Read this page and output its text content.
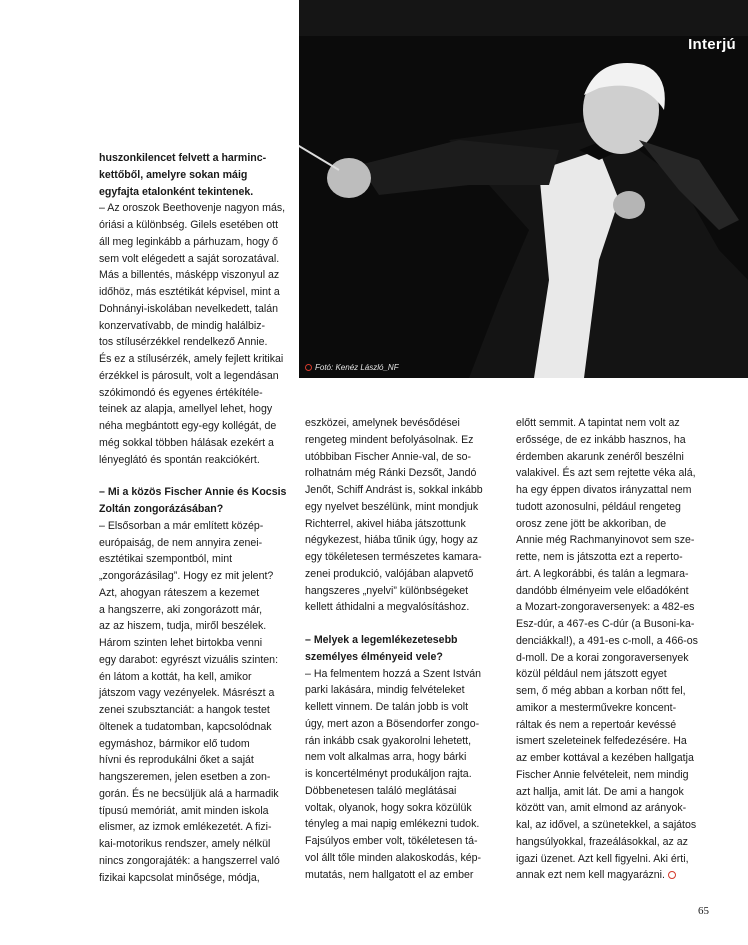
Interjú
Fotó: Kenéz László_NF

huszonkilencet felvett a harminc-
kettőből, amelyre sokan máig
egyfajta etalonként tekintenek.

– Az oroszok Beethovenje nagyon más,
óriási a különbség. Gilels esetében ott
áll meg leginkább a párhuzam, hogy ő
sem volt elégedett a saját sorozatával.
Más a billentés, másképp viszonyul az
időhöz, más esztétikát képvisel, mint a
Dohnányi-iskolában nevelkedett, talán
konzervatívabb, de mindig halálbiz-
tos stílusérzékkel rendelkező Annie.
És ez a stílusérzék, amely fejlett kritikai
érzékkel is párosult, volt a legendásan
szókimondó és egyenes értékítéle-
teinek az alapja, amellyel lehet, hogy
néha megbántott egy-egy kollégát, de
még sokkal többen hálásak ezekért a
lényeglátó és spontán reakciókért.

– Mi a közös Fischer Annie és Kocsis
Zoltán zongorázásában?

– Elsősorban a már említett közép-
európaiság, de nem annyira zenei-
esztétikai szempontból, mint
„zongorázásilag”. Hogy ez mit jelent?
Azt, ahogyan ráteszem a kezemet
a hangszerre, aki zongorázott már,
az az hiszem, tudja, miről beszélek.
Három szinten lehet birtokba venni
egy darabot: egyrészt vizuális szinten:
én látom a kottát, ha kell, amikor
játszom vagy vezényelek. Másrészt a
zenei szubsztanciát: a hangok testet
öltenek a tudatomban, kapcsolódnak
egymáshoz, bármikor elő tudom
hívni és reprodukálni őket a saját
hangszeremen, jelen esetben a zon-
gorán. És ne becsüljük alá a harmadik
típusú memóriát, amit minden iskola
elismer, az izmok emlékezetét. A fizi-
kai-motorikus rendszer, amely nélkül
nincs zongorajáték: a hangszerrel való
fizikai kapcsolat minősége, módja,

eszközei, amelynek bevésődései
rengeteg mindent befolyásolnak. Ez
utóbbiban Fischer Annie-val, de so-
rolhatnám még Ránki Dezsőt, Jandó
Jenőt, Schiff Andrást is, sokkal inkább
egy nyelvet beszélünk, mint mondjuk
Richterrel, akivel hiába játszottunk
négykezest, hiába tűnik úgy, hogy az
egy tökéletesen természetes kamara-
zenei produkció, valójában alapvető
hangszeres „nyelvi” különbségeket
kellett áthidalni a megvalósításhoz.

– Melyek a legemlékezetesebb
személyes élményeid vele?

– Ha felmentem hozzá a Szent István
parki lakására, mindig felvételeket
kellett vinnem. De talán jobb is volt
úgy, mert azon a Bösendorfer zongo-
rán inkább csak gyakorolni lehetett,
nem volt alkalmas arra, hogy bárki
is koncertélményt produkáljon rajta.
Döbbenetesen találó meglátásai
voltak, olyanok, hogy sokra közülük
tényleg a mai napig emlékezni tudok.
Fajsúlyos ember volt, tökéletesen tá-
vol állt tőle minden alakoskodás, kép-
mutatás, nem hallgatott el az ember

előtt semmit. A tapintat nem volt az
erőssége, de ez inkább hasznos, ha
érdemben akarunk zenéről beszélni
valakivel. És azt sem rejtette véka alá,
ha egy éppen divatos irányzattal nem
tudott azonosulni, például rengeteg
orosz zene jött be akkoriban, de
Annie még Rachmanyinovot sem sze-
rette, nem is játszotta ezt a reperto-
árt. A legkorábbi, és talán a legmara-
dandóbb élményeim vele előadóként
a Mozart-zongoraversenyek: a 482-es
Esz-dúr, a 467-es C-dúr (a Busoni-ka-
denciákkal!), a 491-es c-moll, a 466-os
d-moll. De a korai zongoraversenyek
közül például nem játszott egyet
sem, ő még abban a korban nőtt fel,
amikor a mesterművekre koncent-
ráltak és nem a repertoár kevéssé
ismert szeleteinek felfedezésére. Ha
az ember kottával a kezében hallgatja
Fischer Annie felvételeit, nem mindig
azt hallja, amit lát. De ami a hangok
között van, amit elmond az arányok-
kal, az idővel, a szünetekkel, a sajátos
hangsúlyokkal, frazeálásokkal, az az
igazi üzenet. Azt kell figyelni. Aki érti,
annak ezt nem kell magyarázni.

65
